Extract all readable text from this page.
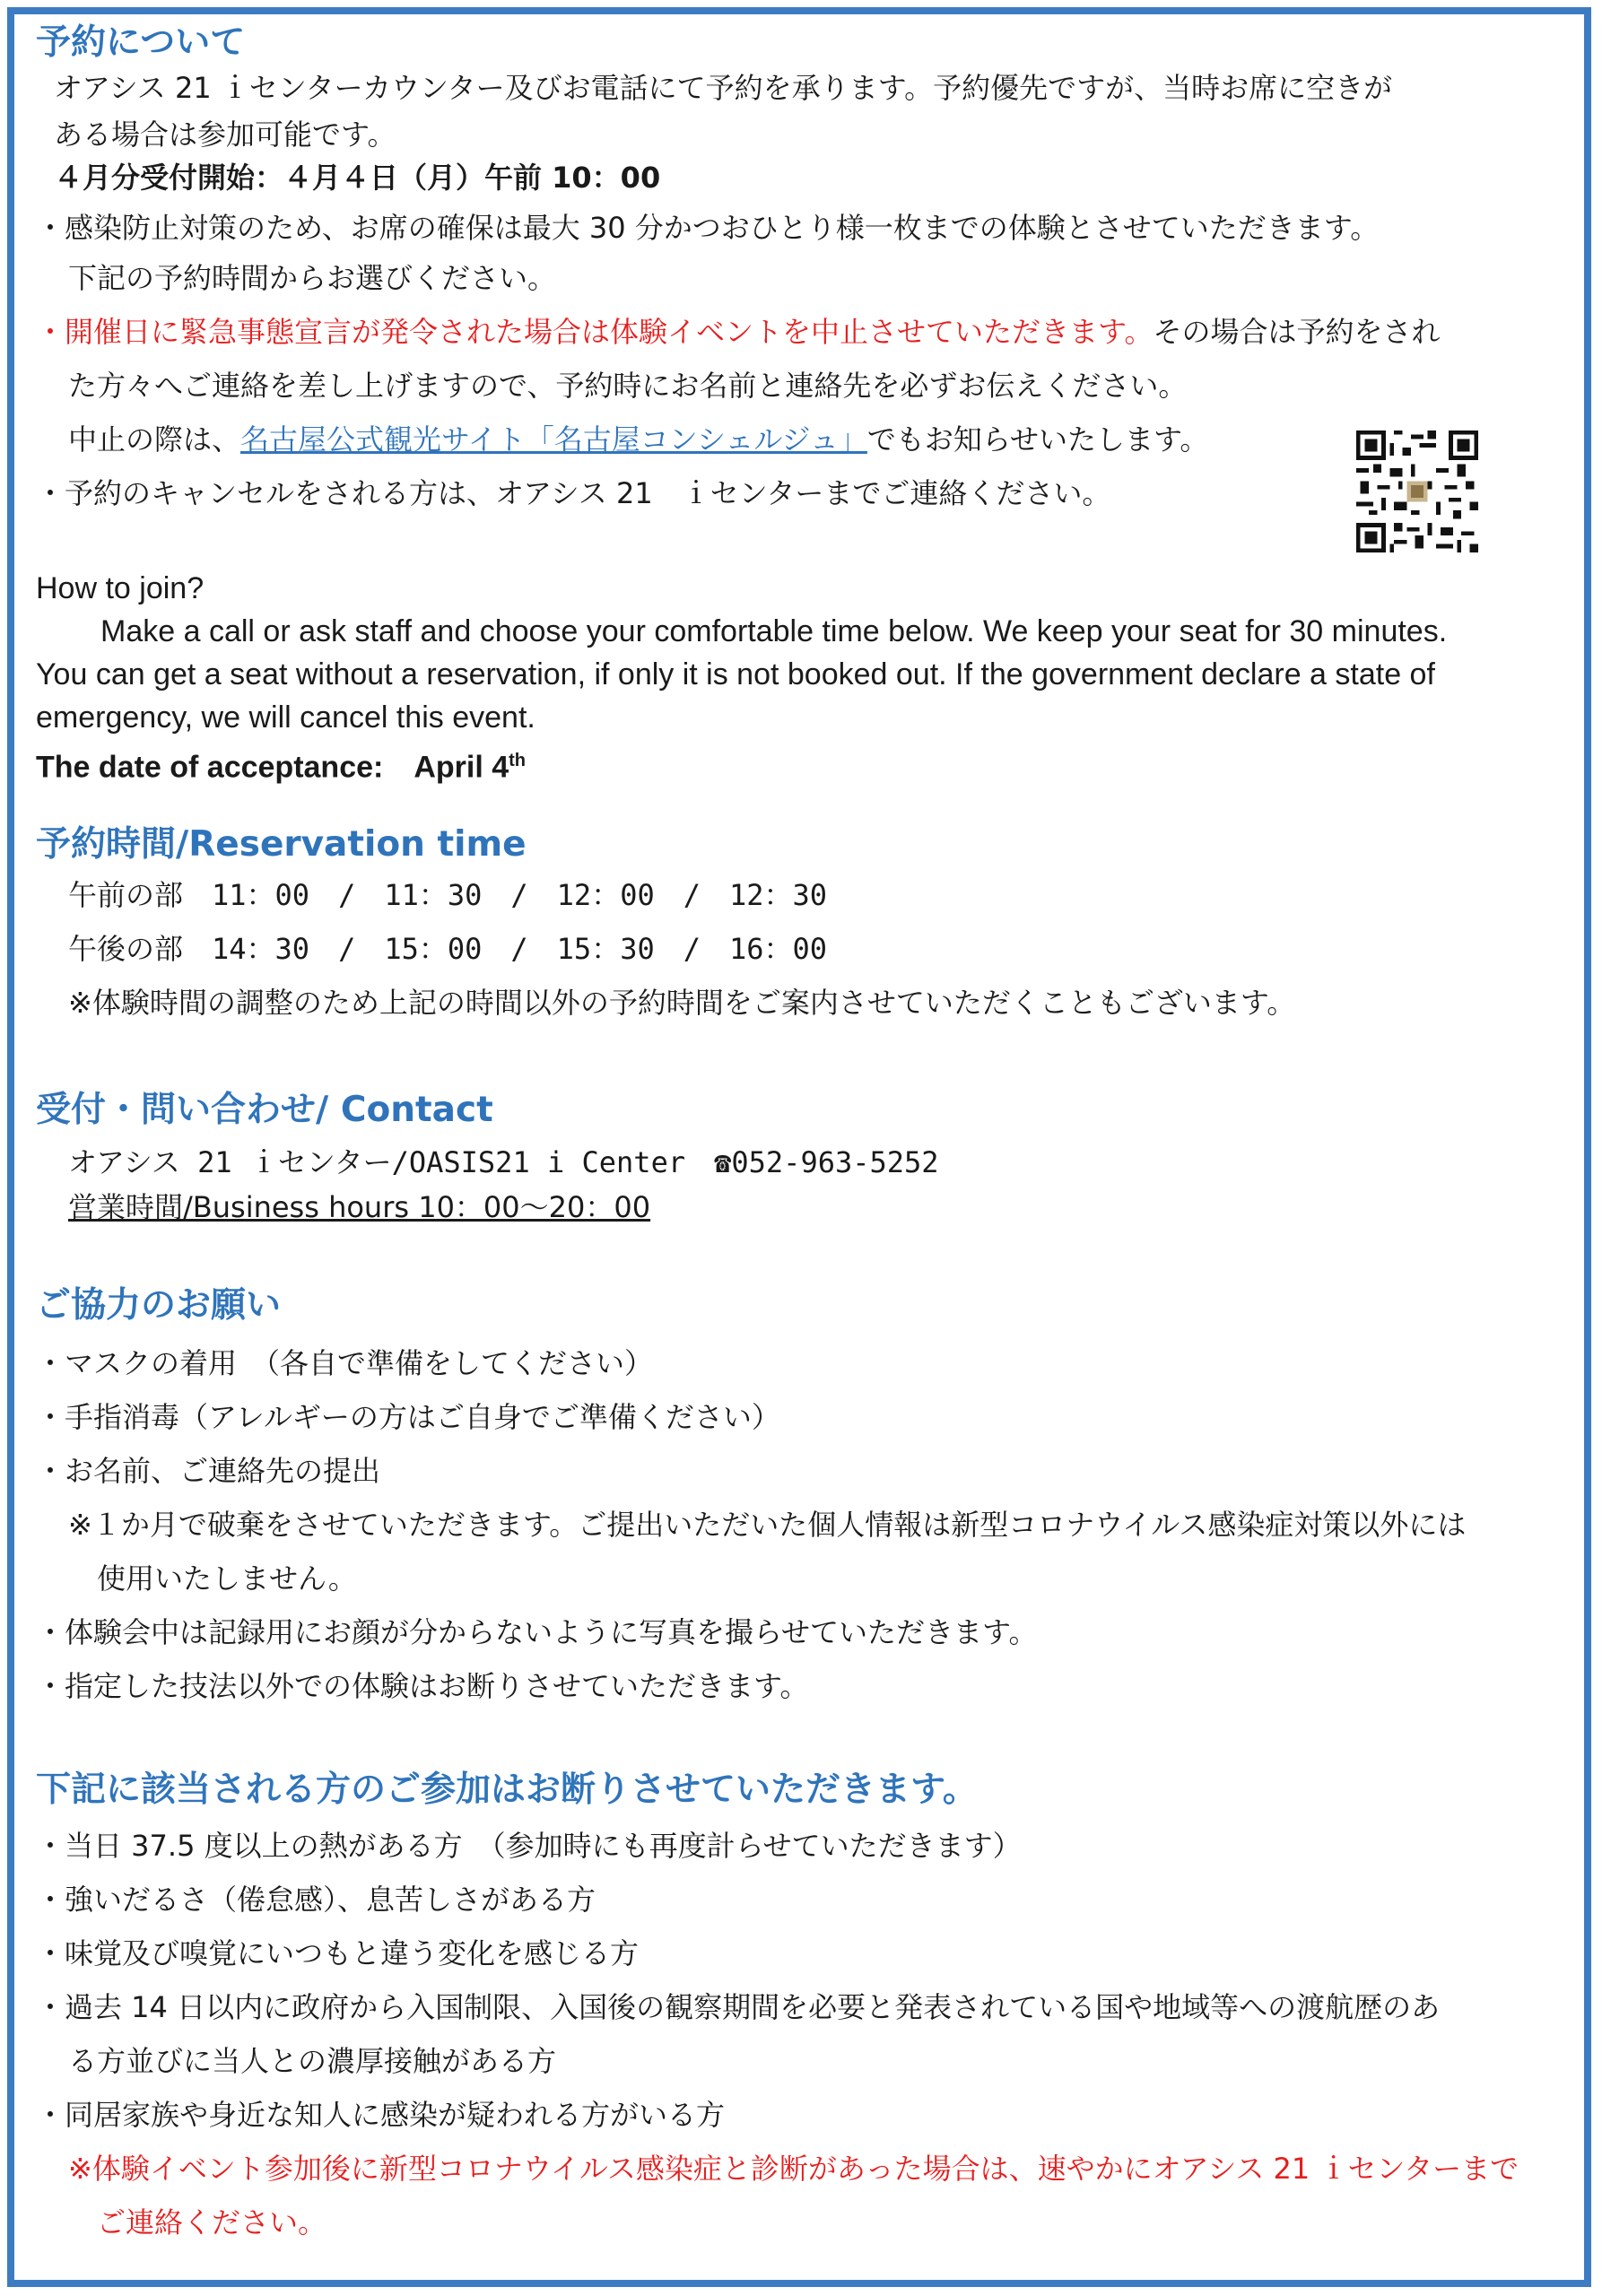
予約について
オアシス 21 ｉセンターカウンター及びお電話にて予約を承ります。予約優先ですが、当時お席に空きが
ある場合は参加可能です。
４月分受付開始：４月４日（月）午前 10：00
・感染防止対策のため、お席の確保は最大 30 分かつおひとり様一枚までの体験とさせていただきます。
下記の予約時間からお選びください。
・開催日に緊急事態宣言が発令された場合は体験イベントを中止させていただきます。その場合は予約をされ
た方々へご連絡を差し上げますので、予約時にお名前と連絡先を必ずお伝えください。
中止の際は、名古屋公式観光サイト「名古屋コンシェルジュ」でもお知らせいたします。
・予約のキャンセルをされる方は、オアシス 21　ｉセンターまでご連絡ください。
How to join?
Make a call or ask staff and choose your comfortable time below. We keep your seat for 30 minutes.
You can get a seat without a reservation, if only it is not booked out. If the government declare a state of
emergency, we will cancel this event.
The date of acceptance:　April 4th
予約時間/Reservation time
午前の部　11：00　/　11：30　/　12：00　/　12：30
午後の部　14：30　/　15：00　/　15：30　/　16：00
※体験時間の調整のため上記の時間以外の予約時間をご案内させていただくこともございます。
受付・問い合わせ/ Contact
オアシス 21 ｉセンター/OASIS21 i Center　☎052-963-5252
営業時間/Business hours 10：00～20：00
ご協力のお願い
・マスクの着用　（各自で準備をしてください）
・手指消毒（アレルギーの方はご自身でご準備ください）
・お名前、ご連絡先の提出
※１か月で破棄をさせていただきます。ご提出いただいた個人情報は新型コロナウイルス感染症対策以外には
使用いたしません。
・体験会中は記録用にお顔が分からないように写真を撮らせていただきます。
・指定した技法以外での体験はお断りさせていただきます。
下記に該当される方のご参加はお断りさせていただきます。
・当日 37.5 度以上の熱がある方　（参加時にも再度計らせていただきます）
・強いだるさ（倦怠感）、息苦しさがある方
・味覚及び嗅覚にいつもと違う変化を感じる方
・過去 14 日以内に政府から入国制限、入国後の観察期間を必要と発表されている国や地域等への渡航歴のあ
る方並びに当人との濃厚接触がある方
・同居家族や身近な知人に感染が疑われる方がいる方
※体験イベント参加後に新型コロナウイルス感染症と診断があった場合は、速やかにオアシス 21 ｉセンターまで
ご連絡ください。
